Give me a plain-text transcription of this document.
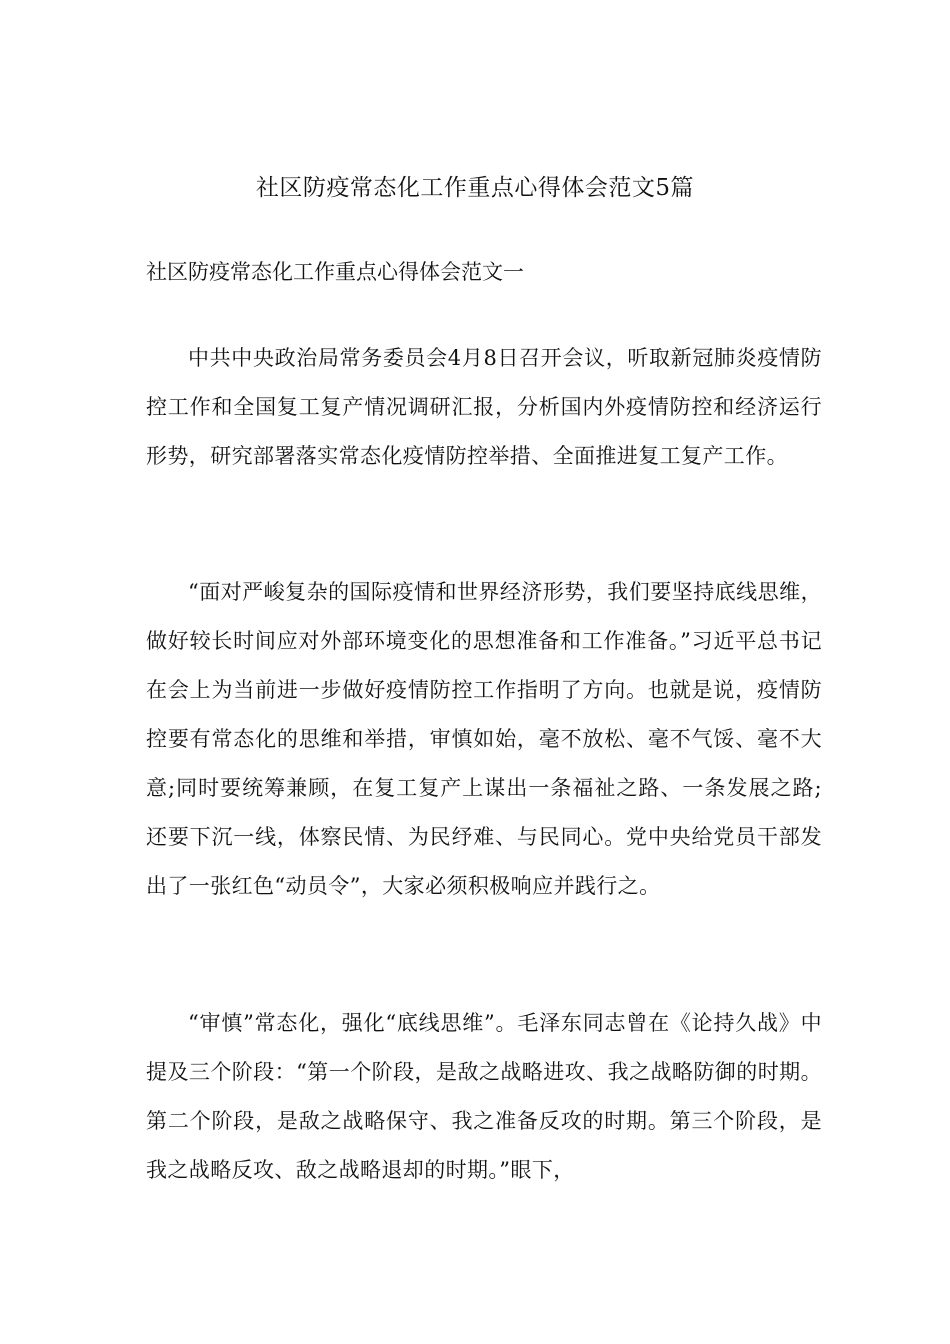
社区防疫常态化工作重点心得体会范文5篇
社区防疫常态化工作重点心得体会范文一

中共中央政治局常务委员会4月8日召开会议，听取新冠肺炎疫情防控工作和全国复工复产情况调研汇报，分析国内外疫情防控和经济运行形势，研究部署落实常态化疫情防控举措、全面推进复工复产工作。

“面对严峻复杂的国际疫情和世界经济形势，我们要坚持底线思维，做好较长时间应对外部环境变化的思想准备和工作准备。”习近平总书记在会上为当前进一步做好疫情防控工作指明了方向。也就是说，疫情防控要有常态化的思维和举措，审慎如始，毫不放松、毫不气馁、毫不大意;同时要统筹兼顾，在复工复产上谋出一条福祉之路、一条发展之路;还要下沉一线，体察民情、为民纾难、与民同心。党中央给党员干部发出了一张红色“动员令”，大家必须积极响应并践行之。

“审慎”常态化，强化“底线思维”。毛泽东同志曾在《论持久战》中提及三个阶段：“第一个阶段，是敌之战略进攻、我之战略防御的时期。第二个阶段，是敌之战略保守、我之准备反攻的时期。第三个阶段，是我之战略反攻、敌之战略退却的时期。”眼下，
